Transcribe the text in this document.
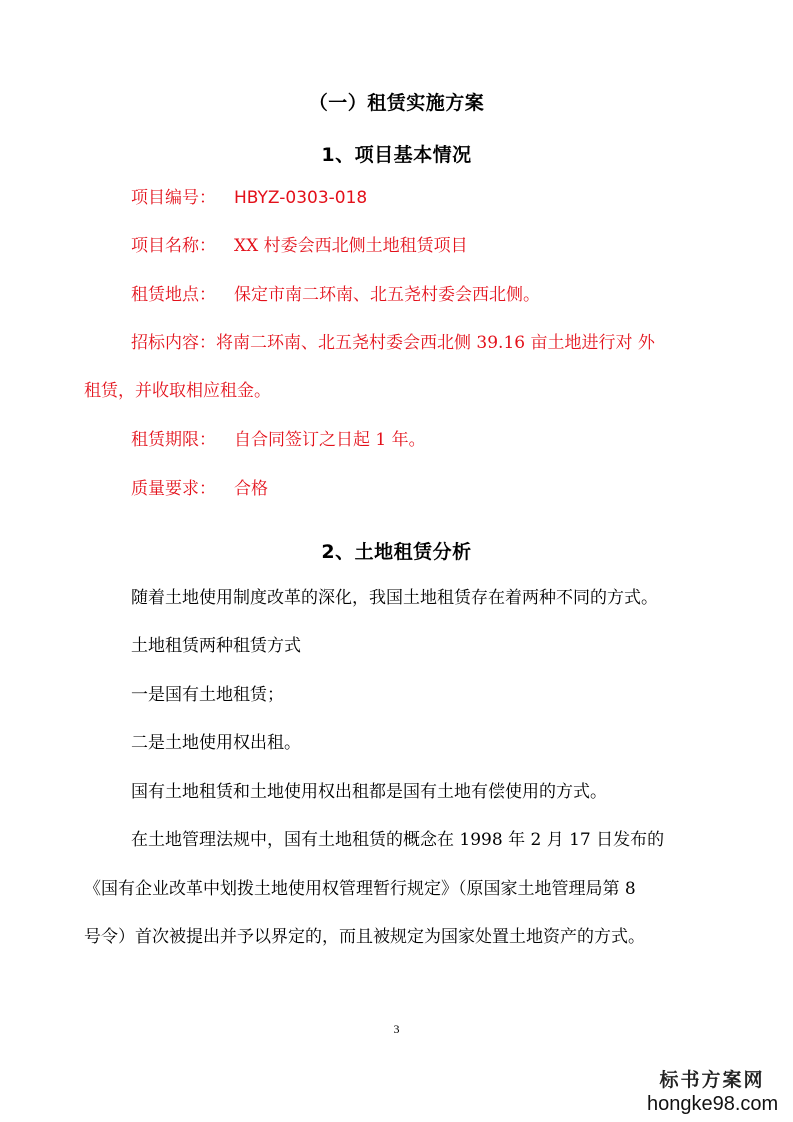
（一）租赁实施方案
1、项目基本情况
项目编号： HBYZ-0303-018
项目名称： XX 村委会西北侧土地租赁项目
租赁地点： 保定市南二环南、北五尧村委会西北侧。
招标内容：将南二环南、北五尧村委会西北侧 39.16 亩土地进行对 外
租赁，并收取相应租金。
租赁期限： 自合同签订之日起 1 年。
质量要求： 合格
2、土地租赁分析
随着土地使用制度改革的深化，我国土地租赁存在着两种不同的方式。
土地租赁两种租赁方式
一是国有土地租赁；
二是土地使用权出租。
国有土地租赁和土地使用权出租都是国有土地有偿使用的方式。
在土地管理法规中，国有土地租赁的概念在 1998 年 2 月 17 日发布的
《国有企业改革中划拨土地使用权管理暂行规定》（原国家土地管理局第 8
号令）首次被提出并予以界定的，而且被规定为国家处置土地资产的方式。
3
标书方案网
hongke98.com
